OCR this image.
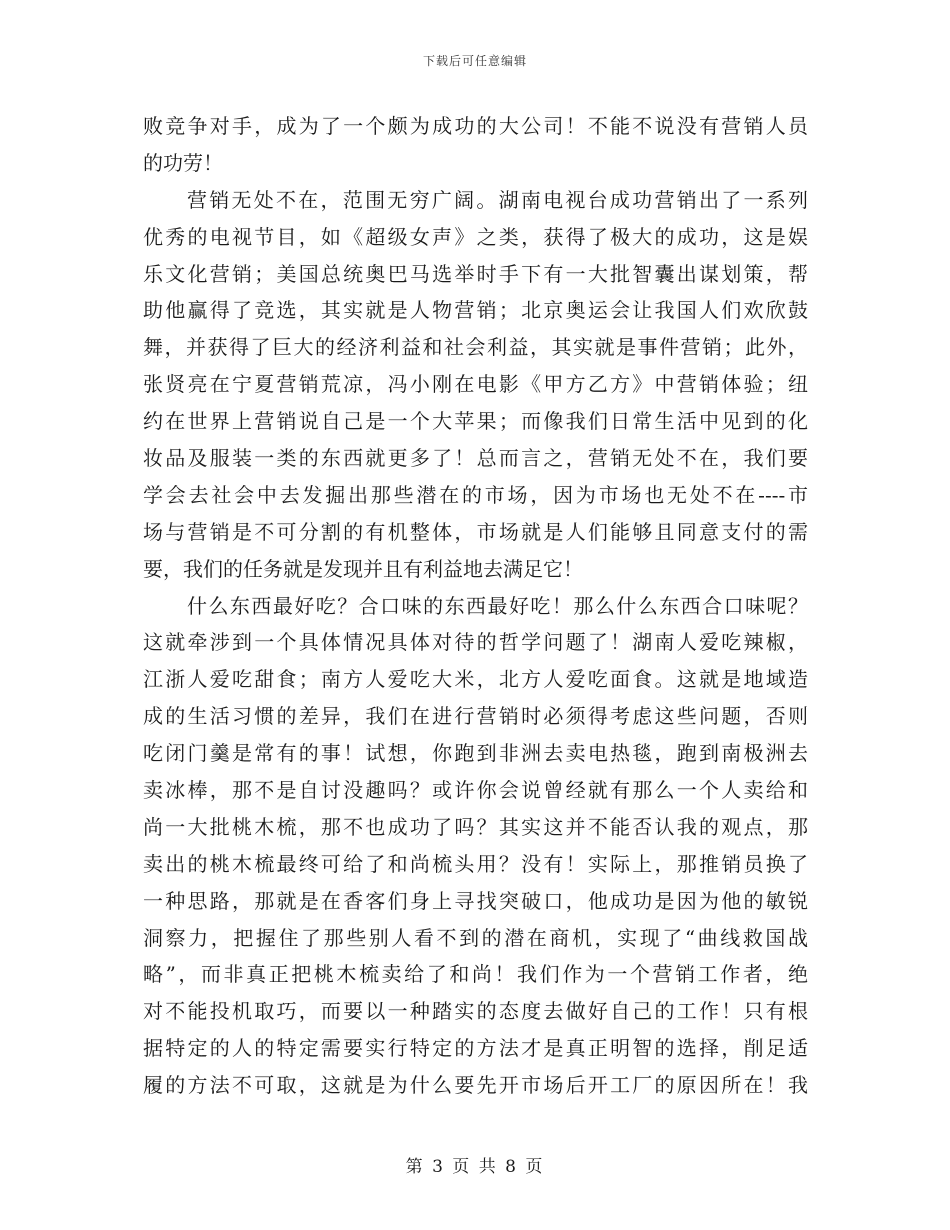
下载后可任意编辑
败竞争对手，成为了一个颇为成功的大公司！不能不说没有营销人员
的功劳！
营销无处不在，范围无穷广阔。湖南电视台成功营销出了一系列
优秀的电视节目，如《超级女声》之类，获得了极大的成功，这是娱
乐文化营销；美国总统奥巴马选举时手下有一大批智囊出谋划策，帮
助他赢得了竞选，其实就是人物营销；北京奥运会让我国人们欢欣鼓
舞，并获得了巨大的经济利益和社会利益，其实就是事件营销；此外，
张贤亮在宁夏营销荒凉，冯小刚在电影《甲方乙方》中营销体验；纽
约在世界上营销说自己是一个大苹果；而像我们日常生活中见到的化
妆品及服装一类的东西就更多了！总而言之，营销无处不在，我们要
学会去社会中去发掘出那些潜在的市场，因为市场也无处不在----市
场与营销是不可分割的有机整体，市场就是人们能够且同意支付的需
要，我们的任务就是发现并且有利益地去满足它！
什么东西最好吃？合口味的东西最好吃！那么什么东西合口味呢？
这就牵涉到一个具体情况具体对待的哲学问题了！湖南人爱吃辣椒，
江浙人爱吃甜食；南方人爱吃大米，北方人爱吃面食。这就是地域造
成的生活习惯的差异，我们在进行营销时必须得考虑这些问题，否则
吃闭门羹是常有的事！试想，你跑到非洲去卖电热毯，跑到南极洲去
卖冰棒，那不是自讨没趣吗？或许你会说曾经就有那么一个人卖给和
尚一大批桃木梳，那不也成功了吗？其实这并不能否认我的观点，那
卖出的桃木梳最终可给了和尚梳头用？没有！实际上，那推销员换了
一种思路，那就是在香客们身上寻找突破口，他成功是因为他的敏锐
洞察力，把握住了那些别人看不到的潜在商机，实现了“曲线救国战
略”，而非真正把桃木梳卖给了和尚！我们作为一个营销工作者，绝
对不能投机取巧，而要以一种踏实的态度去做好自己的工作！只有根
据特定的人的特定需要实行特定的方法才是真正明智的选择，削足适
履的方法不可取，这就是为什么要先开市场后开工厂的原因所在！我
第 3 页 共 8 页
